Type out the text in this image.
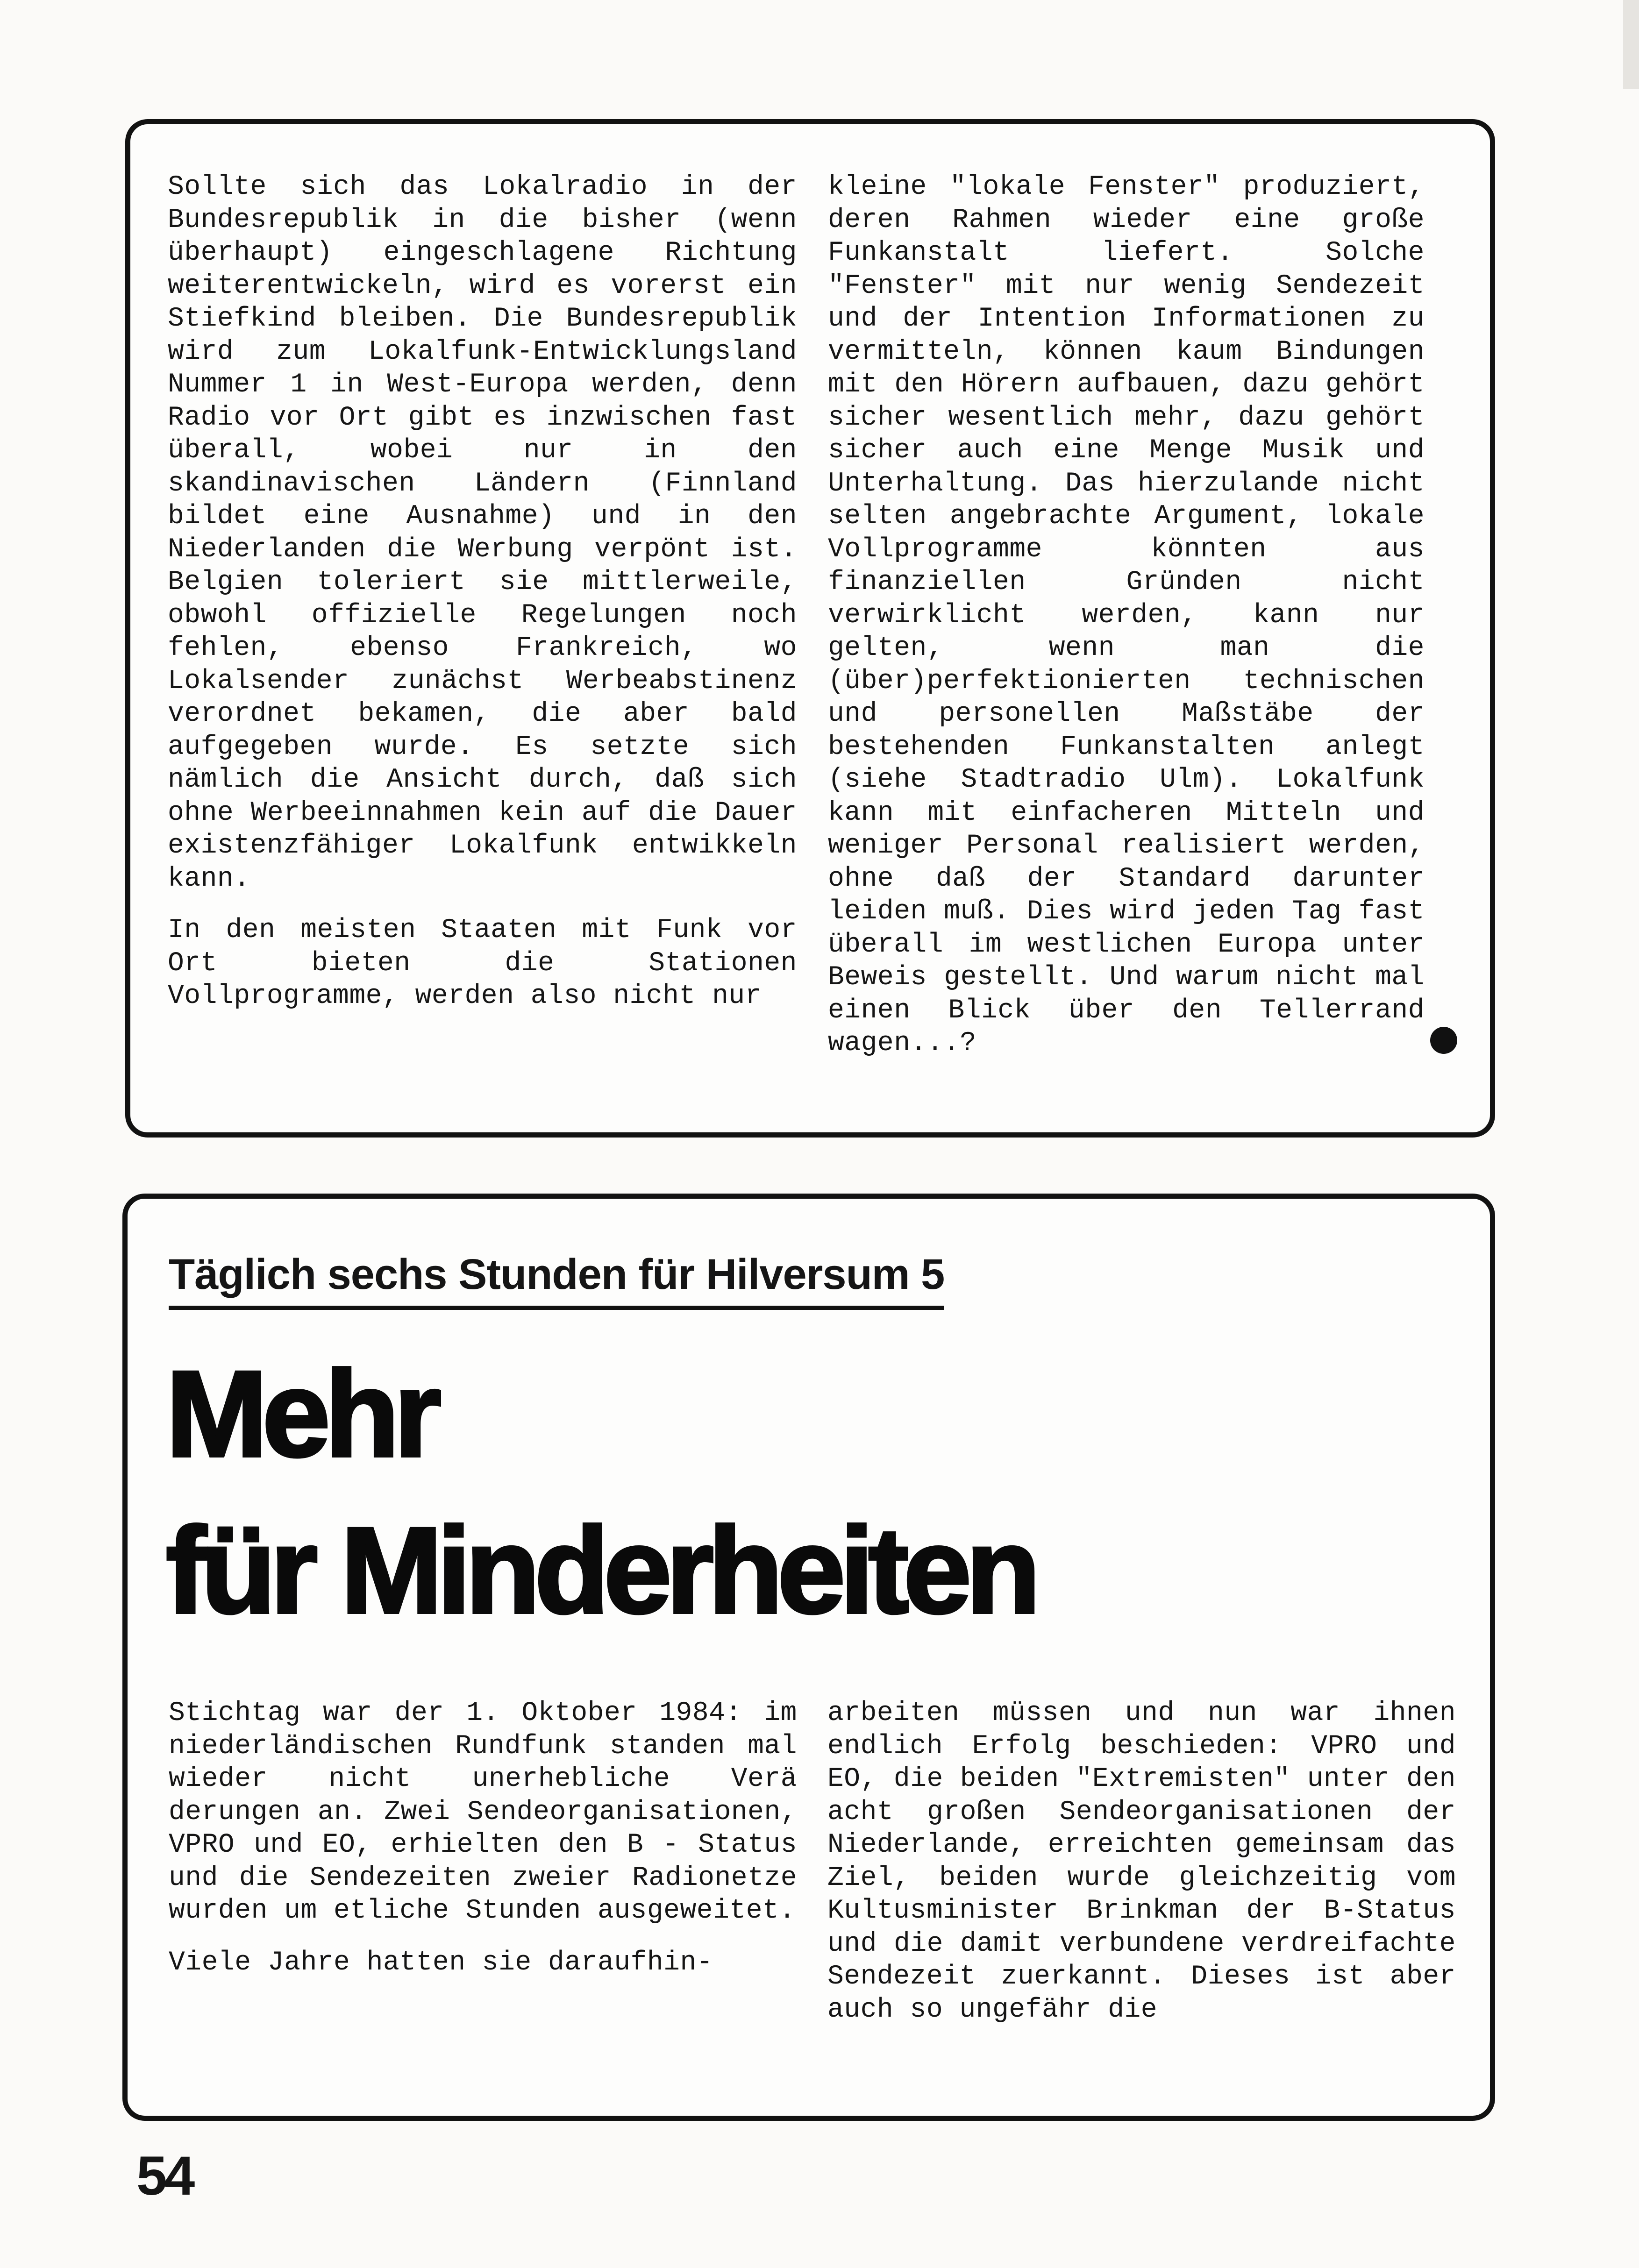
Sollte sich das Lokalradio in der Bundesrepublik in die bisher (wenn überhaupt) eingeschlagene Richtung weiterentwickeln, wird es vorerst ein Stiefkind bleiben. Die Bundesrepublik wird zum Lokalfunk-Entwicklungsland Nummer 1 in West-Europa werden, denn Radio vor Ort gibt es inzwischen fast überall, wobei nur in den skandinavischen Ländern (Finnland bildet eine Ausnahme) und in den Niederlanden die Werbung verpönt ist. Belgien toleriert sie mittlerweile, obwohl offizielle Regelungen noch fehlen, ebenso Frankreich, wo Lokalsender zunächst Werbeabstinenz verordnet bekamen, die aber bald aufgegeben wurde. Es setzte sich nämlich die Ansicht durch, daß sich ohne Werbeeinnahmen kein auf die Dauer existenzfähiger Lokalfunk entwikkeln kann.

In den meisten Staaten mit Funk vor Ort bieten die Stationen Vollprogramme, werden also nicht nur

kleine "lokale Fenster" produziert, deren Rahmen wieder eine große Funkanstalt liefert. Solche "Fenster" mit nur wenig Sendezeit und der Intention Informationen zu vermitteln, können kaum Bindungen mit den Hörern aufbauen, dazu gehört sicher wesentlich mehr, dazu gehört sicher auch eine Menge Musik und Unterhaltung. Das hierzulande nicht selten angebrachte Argument, lokale Vollprogramme könnten aus finanziellen Gründen nicht verwirklicht werden, kann nur gelten, wenn man die (über)perfektionierten technischen und personellen Maßstäbe der bestehenden Funkanstalten anlegt (siehe Stadtradio Ulm). Lokalfunk kann mit einfacheren Mitteln und weniger Personal realisiert werden, ohne daß der Standard darunter leiden muß. Dies wird jeden Tag fast überall im westlichen Europa unter Beweis gestellt. Und warum nicht mal einen Blick über den Tellerrand wagen...?

Täglich sechs Stunden für Hilversum 5
Mehr
für Minderheiten

Stichtag war der 1. Oktober 1984: im niederländischen Rundfunk standen mal wieder nicht unerhebliche Verä derungen an. Zwei Sendeorganisationen, VPRO und EO, erhielten den B - Status und die Sendezeiten zweier Radionetze wurden um etliche Stunden ausgeweitet.

Viele Jahre hatten sie daraufhin-

arbeiten müssen und nun war ihnen endlich Erfolg beschieden: VPRO und EO, die beiden "Extremisten" unter den acht großen Sendeorganisationen der Niederlande, erreichten gemeinsam das Ziel, beiden wurde gleichzeitig vom Kultusminister Brinkman der B-Status und die damit verbundene verdreifachte Sendezeit zuerkannt. Dieses ist aber auch so ungefähr die

54
